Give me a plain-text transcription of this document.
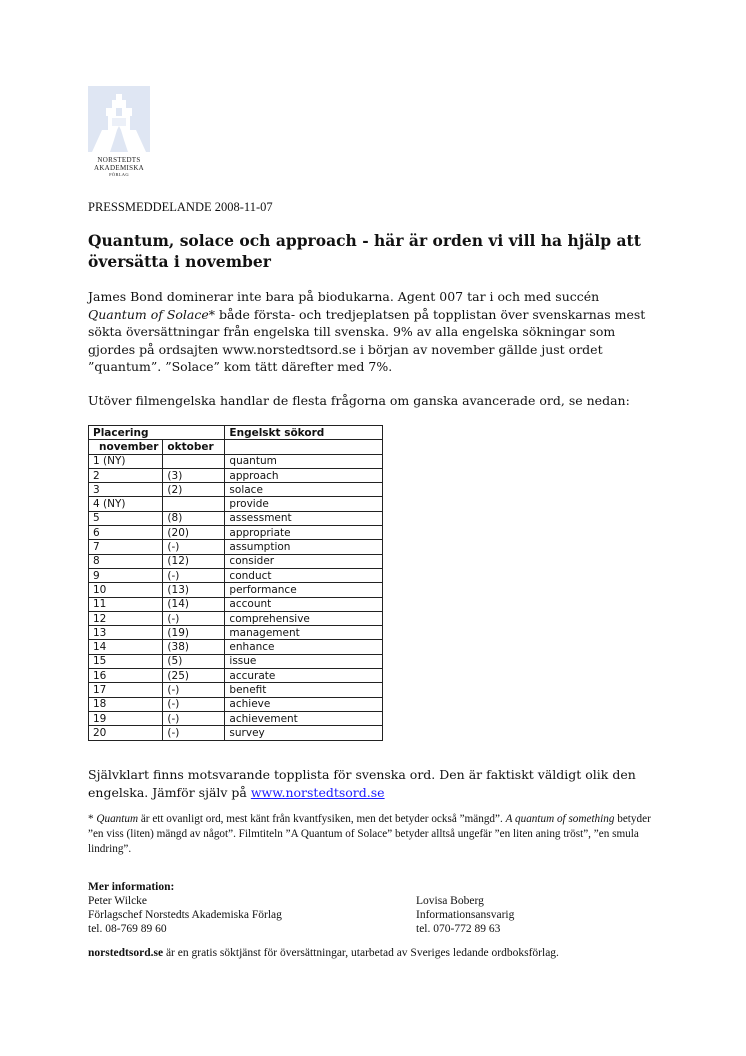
NORSTEDTS
AKADEMISKA
FÖRLAG
PRESSMEDDELANDE 2008-11-07
Quantum, solace och approach - här är orden vi vill ha hjälp att översätta i november

James Bond dominerar inte bara på biodukarna. Agent 007 tar i och med succén Quantum of Solace* både första- och tredjeplatsen på topplistan över svenskarnas mest sökta översättningar från engelska till svenska. 9% av alla engelska sökningar som gjordes på ordsajten www.norstedtsord.se i början av november gällde just ordet ”quantum”. ”Solace” kom tätt därefter med 7%.

Utöver filmengelska handlar de flesta frågorna om ganska avancerade ord, se nedan:

Placering		Engelskt sökord
november	oktober	
1 (NY)		quantum
2	(3)	approach
3	(2)	solace
4 (NY)		provide
5	(8)	assessment
6	(20)	appropriate
7	(-)	assumption
8	(12)	consider
9	(-)	conduct
10	(13)	performance
11	(14)	account
12	(-)	comprehensive
13	(19)	management
14	(38)	enhance
15	(5)	issue
16	(25)	accurate
17	(-)	benefit
18	(-)	achieve
19	(-)	achievement
20	(-)	survey

Självklart finns motsvarande topplista för svenska ord. Den är faktiskt väldigt olik den engelska. Jämför själv på www.norstedtsord.se

* Quantum är ett ovanligt ord, mest känt från kvantfysiken, men det betyder också ”mängd”. A quantum of something betyder ”en viss (liten) mängd av något”. Filmtiteln ”A Quantum of Solace” betyder alltså ungefär ”en liten aning tröst”, ”en smula lindring”.

Mer information:
Peter Wilcke
Förlagschef Norstedts Akademiska Förlag
tel. 08-769 89 60
Lovisa Boberg
Informationsansvarig
tel. 070-772 89 63
norstedtsord.se är en gratis söktjänst för översättningar, utarbetad av Sveriges ledande ordboksförlag.
